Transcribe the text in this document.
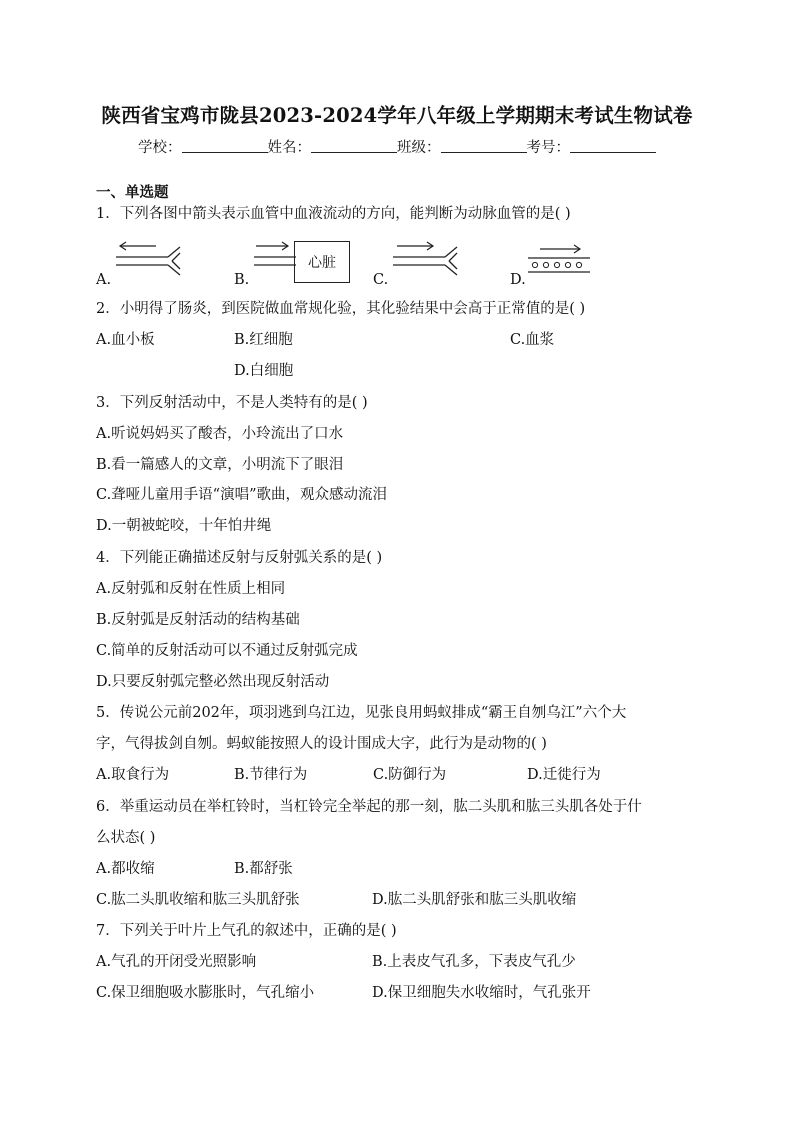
陕西省宝鸡市陇县2023-2024学年八年级上学期期末考试生物试卷
学校：	姓名：	班级：	考号：
一、单选题
1．下列各图中箭头表示血管中血液流动的方向，能判断为动脉血管的是( )
A.	B.
心脏
C.	D.
2．小明得了肠炎，到医院做血常规化验，其化验结果中会高于正常值的是( )
A.血小板	B.红细胞	C.血浆
D.白细胞
3．下列反射活动中，不是人类特有的是( )
A.听说妈妈买了酸杏，小玲流出了口水
B.看一篇感人的文章，小明流下了眼泪
C.聋哑儿童用手语“演唱”歌曲，观众感动流泪
D.一朝被蛇咬，十年怕井绳
4．下列能正确描述反射与反射弧关系的是( )
A.反射弧和反射在性质上相同
B.反射弧是反射活动的结构基础
C.简单的反射活动可以不通过反射弧完成
D.只要反射弧完整必然出现反射活动
5．传说公元前202年，项羽逃到乌江边，见张良用蚂蚁排成“霸王自刎乌江”六个大
字，气得拔剑自刎。蚂蚁能按照人的设计围成大字，此行为是动物的( )
A.取食行为	B.节律行为	C.防御行为	D.迁徙行为
6．举重运动员在举杠铃时，当杠铃完全举起的那一刻，肱二头肌和肱三头肌各处于什
么状态( )
A.都收缩	B.都舒张
C.肱二头肌收缩和肱三头肌舒张	D.肱二头肌舒张和肱三头肌收缩
7．下列关于叶片上气孔的叙述中，正确的是( )
A.气孔的开闭受光照影响	B.上表皮气孔多，下表皮气孔少
C.保卫细胞吸水膨胀时，气孔缩小	D.保卫细胞失水收缩时，气孔张开
